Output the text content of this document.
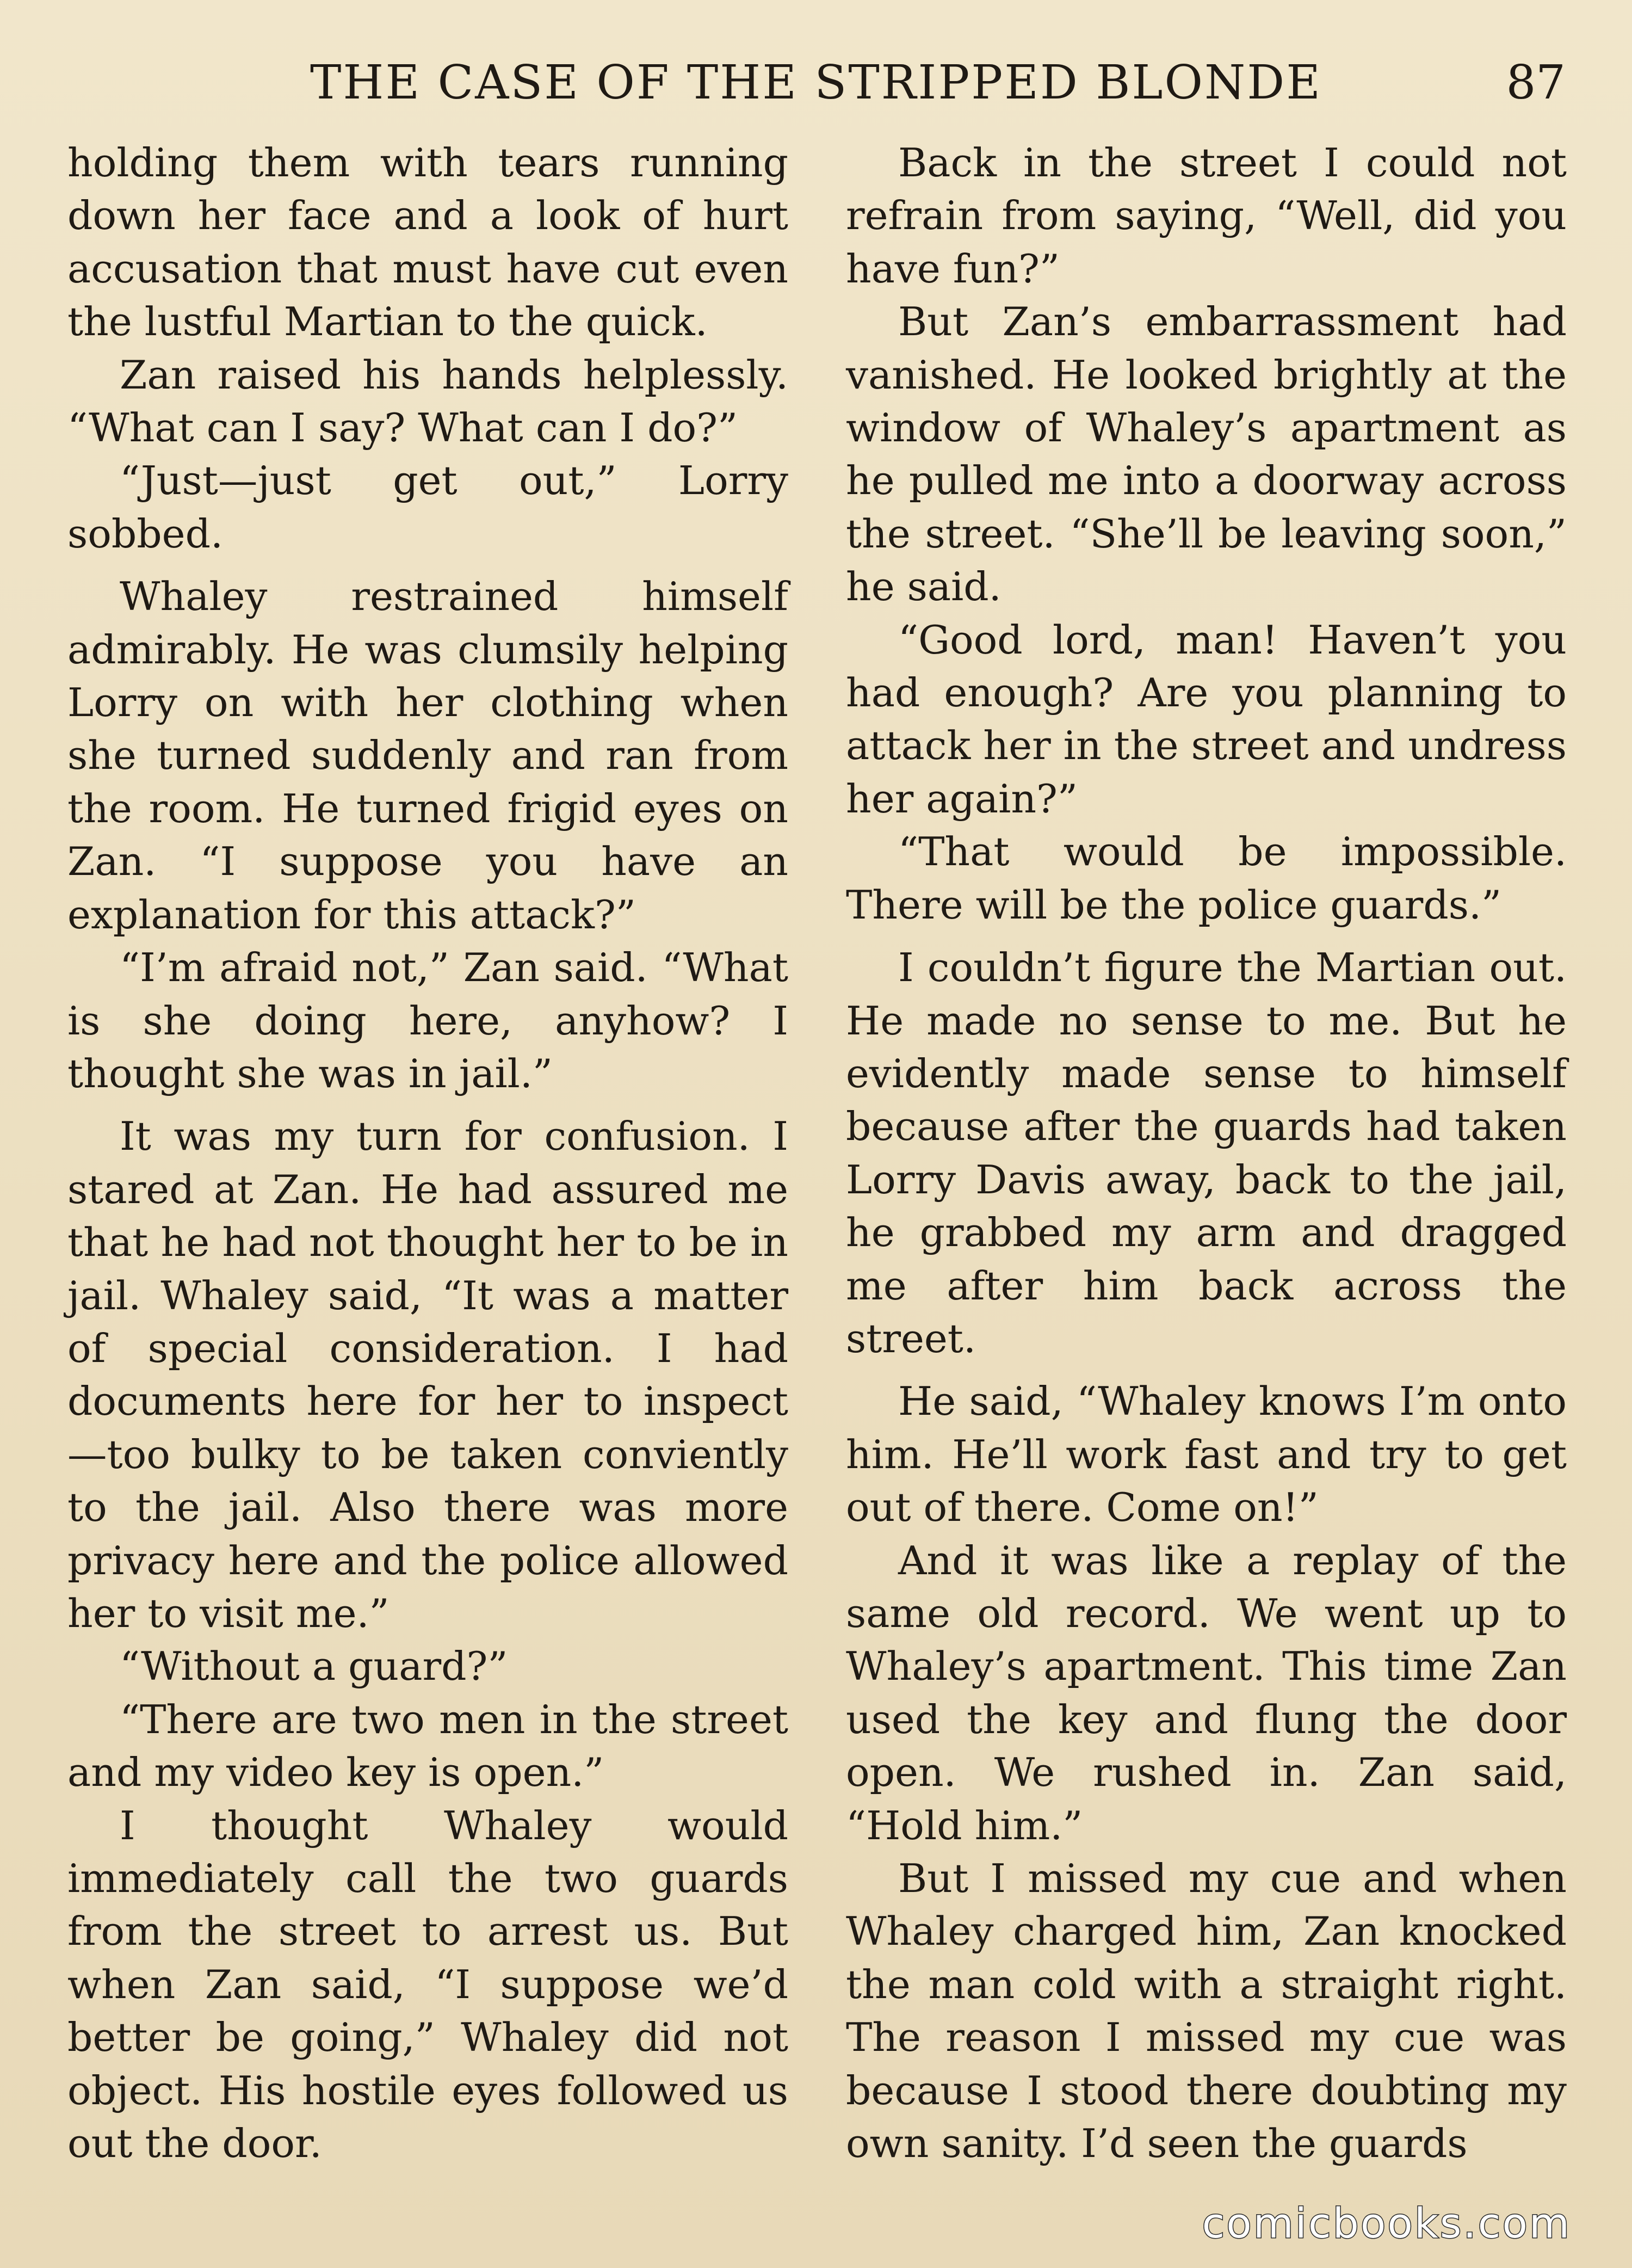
THE CASE OF THE STRIPPED BLONDE	87

holding them with tears running down her face and a look of hurt accusation that must have cut even the lustful Martian to the quick.

Zan raised his hands helplessly. “What can I say? What can I do?”

“Just—just get out,” Lorry sobbed.

Whaley restrained himself admirably. He was clumsily helping Lorry on with her clothing when she turned suddenly and ran from the room. He turned frigid eyes on Zan. “I suppose you have an explanation for this attack?”

“I’m afraid not,” Zan said. “What is she doing here, anyhow? I thought she was in jail.”

It was my turn for confusion. I stared at Zan. He had assured me that he had not thought her to be in jail. Whaley said, “It was a matter of special consideration. I had documents here for her to inspect—too bulky to be taken conviently to the jail. Also there was more privacy here and the police allowed her to visit me.”

“Without a guard?”

“There are two men in the street and my video key is open.”

I thought Whaley would immediately call the two guards from the street to arrest us. But when Zan said, “I suppose we’d better be going,” Whaley did not object. His hostile eyes followed us out the door.

Back in the street I could not refrain from saying, “Well, did you have fun?”

But Zan’s embarrassment had vanished. He looked brightly at the window of Whaley’s apartment as he pulled me into a doorway across the street. “She’ll be leaving soon,” he said.

“Good lord, man! Haven’t you had enough? Are you planning to attack her in the street and undress her again?”

“That would be impossible. There will be the police guards.”

I couldn’t figure the Martian out. He made no sense to me. But he evidently made sense to himself because after the guards had taken Lorry Davis away, back to the jail, he grabbed my arm and dragged me after him back across the street.

He said, “Whaley knows I’m onto him. He’ll work fast and try to get out of there. Come on!”

And it was like a replay of the same old record. We went up to Whaley’s apartment. This time Zan used the key and flung the door open. We rushed in. Zan said, “Hold him.”

But I missed my cue and when Whaley charged him, Zan knocked the man cold with a straight right. The reason I missed my cue was because I stood there doubting my own sanity. I’d seen the guards

comicbooks.com
